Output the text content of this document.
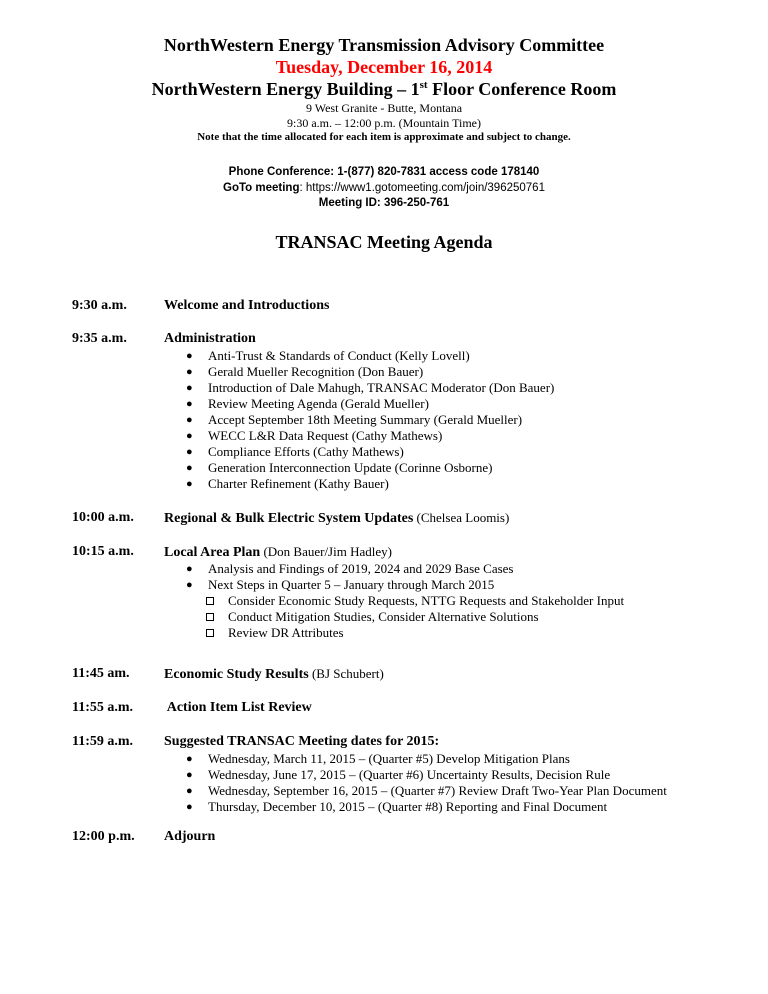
NorthWestern Energy Transmission Advisory Committee
Tuesday, December 16, 2014
NorthWestern Energy Building – 1st Floor Conference Room
9 West Granite - Butte, Montana
9:30 a.m. – 12:00 p.m. (Mountain Time)
Note that the time allocated for each item is approximate and subject to change.
Phone Conference: 1-(877) 820-7831 access code 178140
GoTo meeting: https://www1.gotomeeting.com/join/396250761
Meeting ID: 396-250-761
TRANSAC Meeting Agenda
9:30 a.m.	Welcome and Introductions
9:35 a.m.	Administration
● Anti-Trust & Standards of Conduct (Kelly Lovell)
● Gerald Mueller Recognition (Don Bauer)
● Introduction of Dale Mahugh, TRANSAC Moderator (Don Bauer)
● Review Meeting Agenda (Gerald Mueller)
● Accept September 18th Meeting Summary (Gerald Mueller)
● WECC L&R Data Request (Cathy Mathews)
● Compliance Efforts (Cathy Mathews)
● Generation Interconnection Update (Corinne Osborne)
● Charter Refinement (Kathy Bauer)
10:00 a.m. Regional & Bulk Electric System Updates (Chelsea Loomis)
10:15 a.m. Local Area Plan (Don Bauer/Jim Hadley)
● Analysis and Findings of 2019, 2024 and 2029 Base Cases
● Next Steps in Quarter 5 – January through March 2015
Consider Economic Study Requests, NTTG Requests and Stakeholder Input
Conduct Mitigation Studies, Consider Alternative Solutions
Review DR Attributes
11:45 am. Economic Study Results (BJ Schubert)
11:55 a.m. Action Item List Review
11:59 a.m. Suggested TRANSAC Meeting dates for 2015:
● Wednesday, March 11, 2015 – (Quarter #5) Develop Mitigation Plans
● Wednesday, June 17, 2015 – (Quarter #6) Uncertainty Results, Decision Rule
● Wednesday, September 16, 2015 – (Quarter #7) Review Draft Two-Year Plan Document
● Thursday, December 10, 2015 – (Quarter #8) Reporting and Final Document
12:00 p.m. Adjourn
